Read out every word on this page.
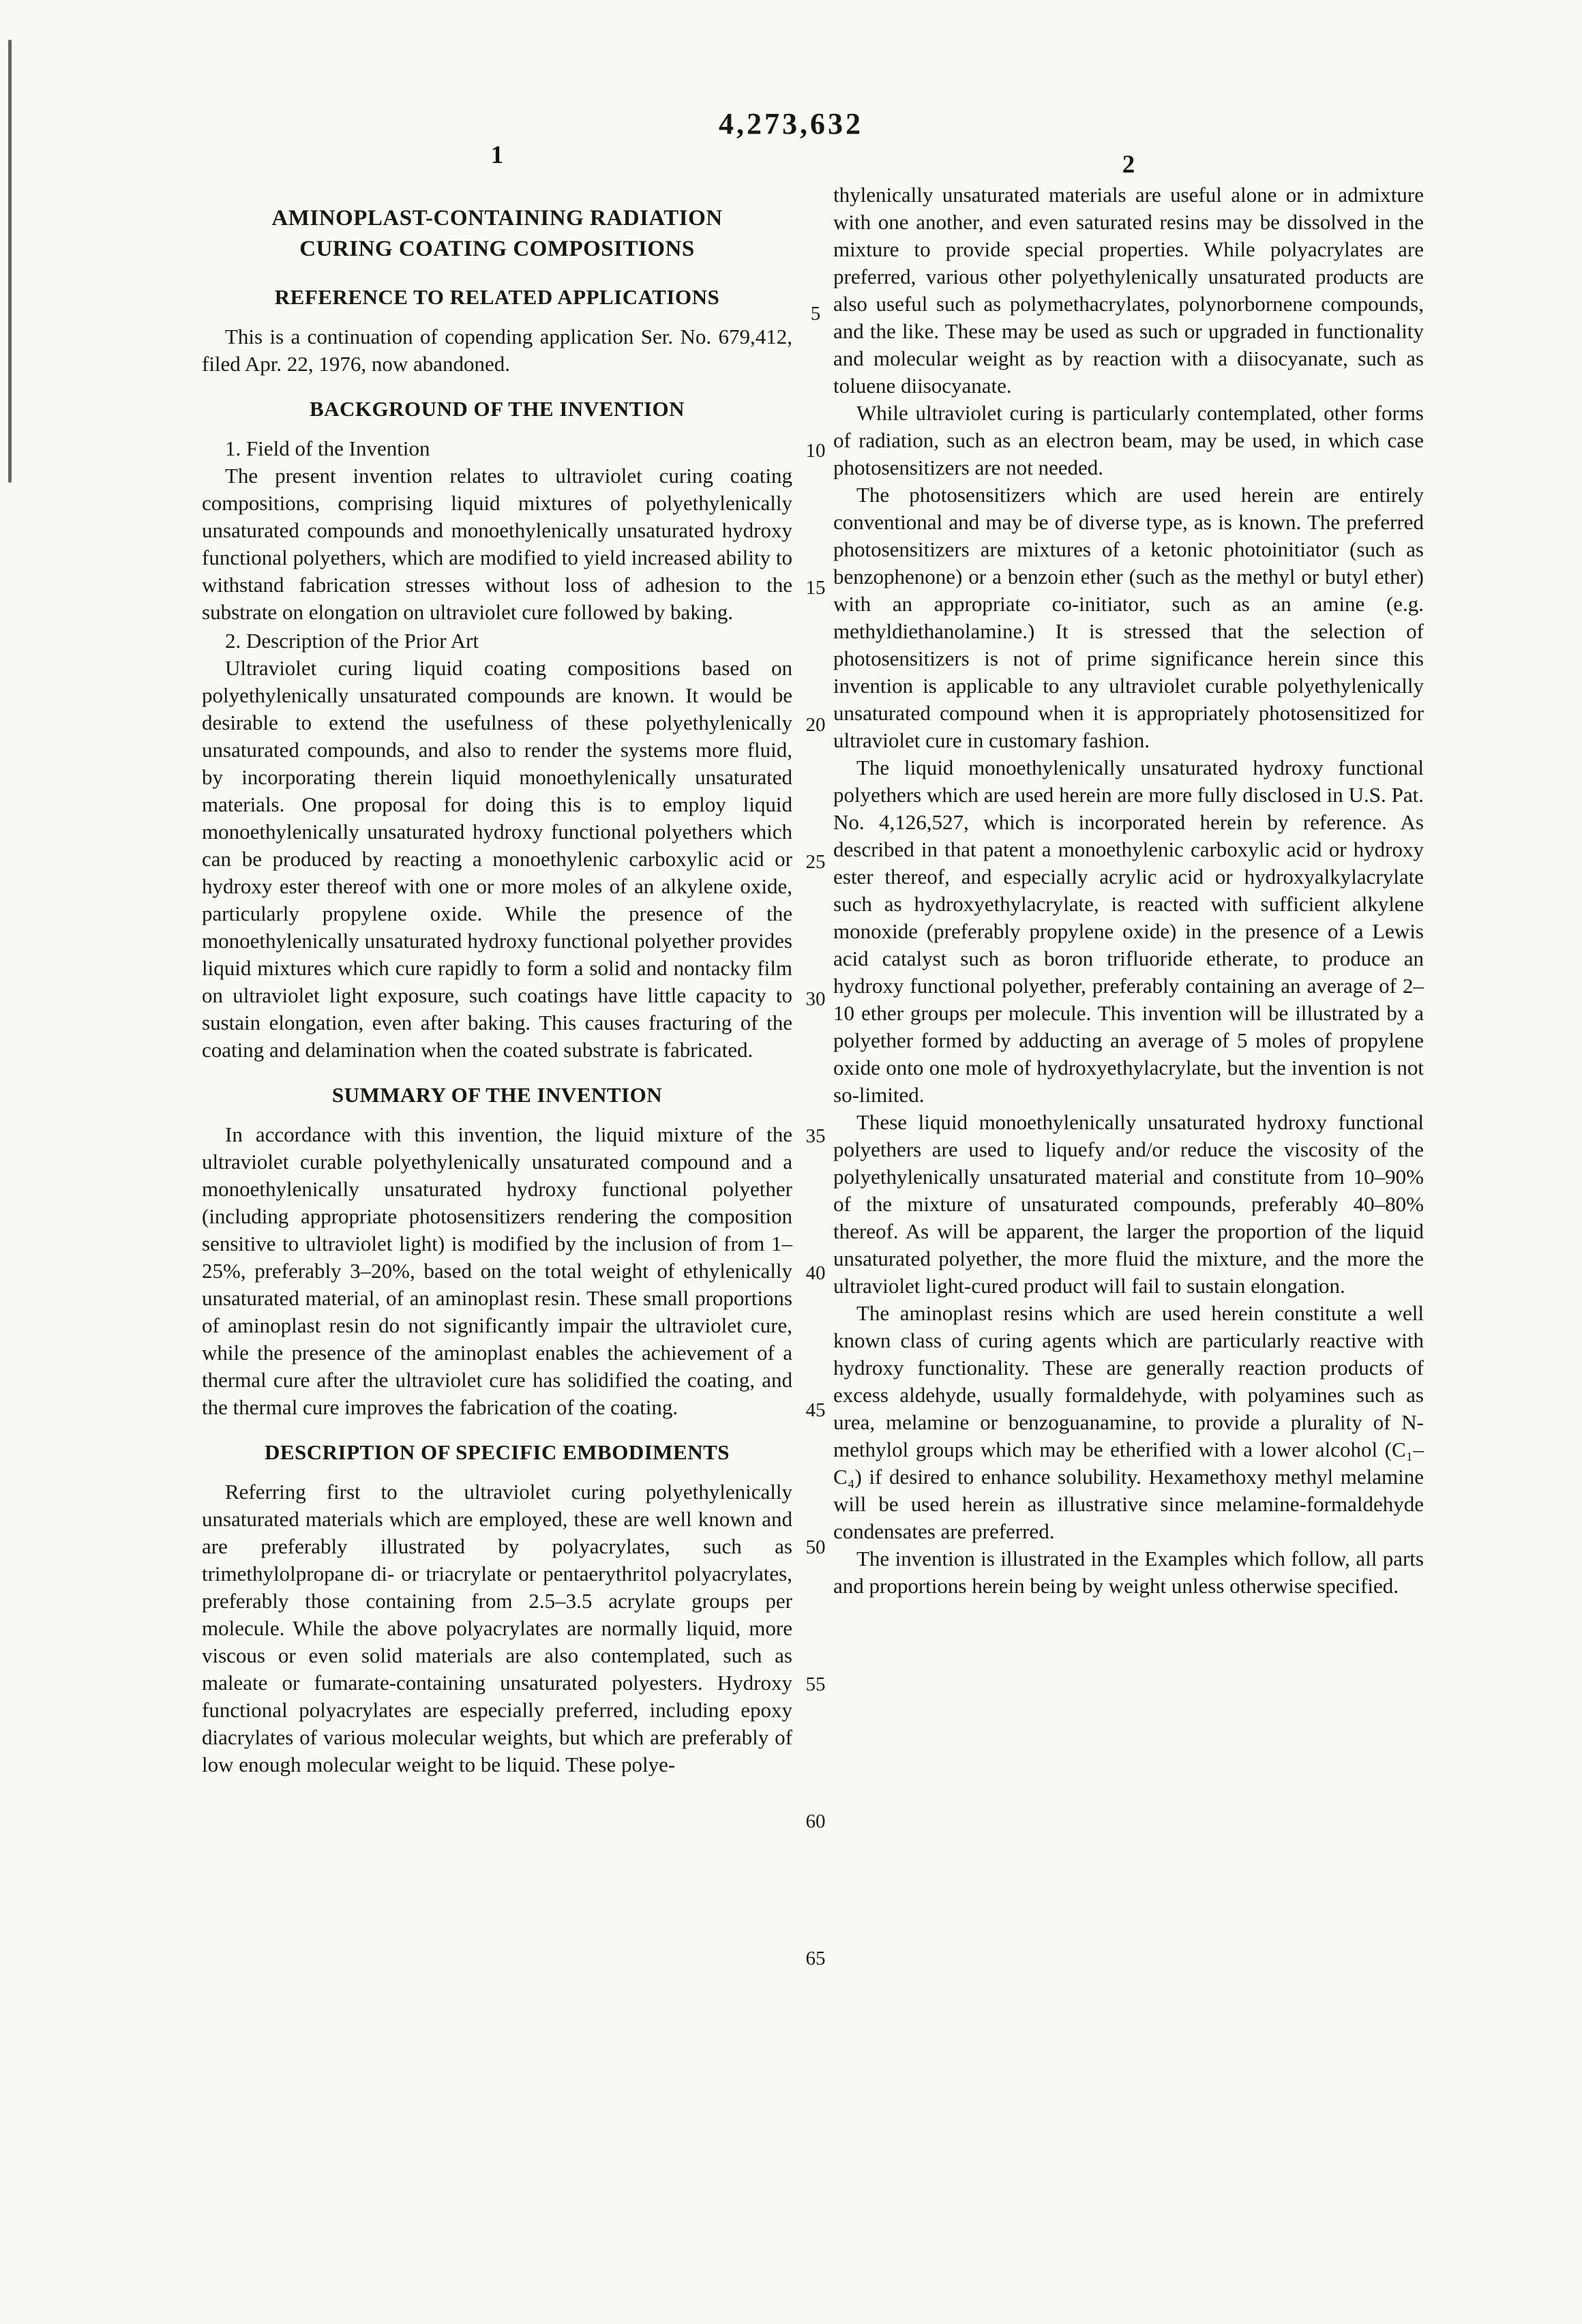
4,273,632
1	2
5
10
15
20
25
30
35
40
45
50
55
60
65
AMINOPLAST-CONTAINING RADIATION
CURING COATING COMPOSITIONS
REFERENCE TO RELATED APPLICATIONS

This is a continuation of copending application Ser. No. 679,412, filed Apr. 22, 1976, now abandoned.

BACKGROUND OF THE INVENTION

1. Field of the Invention

The present invention relates to ultraviolet curing coating compositions, comprising liquid mixtures of polyethylenically unsaturated compounds and monoethylenically unsaturated hydroxy functional polyethers, which are modified to yield increased ability to withstand fabrication stresses without loss of adhesion to the substrate on elongation on ultraviolet cure followed by baking.

2. Description of the Prior Art

Ultraviolet curing liquid coating compositions based on polyethylenically unsaturated compounds are known. It would be desirable to extend the usefulness of these polyethylenically unsaturated compounds, and also to render the systems more fluid, by incorporating therein liquid monoethylenically unsaturated materials. One proposal for doing this is to employ liquid monoethylenically unsaturated hydroxy functional polyethers which can be produced by reacting a monoethylenic carboxylic acid or hydroxy ester thereof with one or more moles of an alkylene oxide, particularly propylene oxide. While the presence of the monoethylenically unsaturated hydroxy functional polyether provides liquid mixtures which cure rapidly to form a solid and nontacky film on ultraviolet light exposure, such coatings have little capacity to sustain elongation, even after baking. This causes fracturing of the coating and delamination when the coated substrate is fabricated.

SUMMARY OF THE INVENTION

In accordance with this invention, the liquid mixture of the ultraviolet curable polyethylenically unsaturated compound and a monoethylenically unsaturated hydroxy functional polyether (including appropriate photosensitizers rendering the composition sensitive to ultraviolet light) is modified by the inclusion of from 1–25%, preferably 3–20%, based on the total weight of ethylenically unsaturated material, of an aminoplast resin. These small proportions of aminoplast resin do not significantly impair the ultraviolet cure, while the presence of the aminoplast enables the achievement of a thermal cure after the ultraviolet cure has solidified the coating, and the thermal cure improves the fabrication of the coating.

DESCRIPTION OF SPECIFIC EMBODIMENTS

Referring first to the ultraviolet curing polyethylenically unsaturated materials which are employed, these are well known and are preferably illustrated by polyacrylates, such as trimethylolpropane di- or triacrylate or pentaerythritol polyacrylates, preferably those containing from 2.5–3.5 acrylate groups per molecule. While the above polyacrylates are normally liquid, more viscous or even solid materials are also contemplated, such as maleate or fumarate-containing unsaturated polyesters. Hydroxy functional polyacrylates are especially preferred, including epoxy diacrylates of various molecular weights, but which are preferably of low enough molecular weight to be liquid. These polye-

thylenically unsaturated materials are useful alone or in admixture with one another, and even saturated resins may be dissolved in the mixture to provide special properties. While polyacrylates are preferred, various other polyethylenically unsaturated products are also useful such as polymethacrylates, polynorbornene compounds, and the like. These may be used as such or upgraded in functionality and molecular weight as by reaction with a diisocyanate, such as toluene diisocyanate.

While ultraviolet curing is particularly contemplated, other forms of radiation, such as an electron beam, may be used, in which case photosensitizers are not needed.

The photosensitizers which are used herein are entirely conventional and may be of diverse type, as is known. The preferred photosensitizers are mixtures of a ketonic photoinitiator (such as benzophenone) or a benzoin ether (such as the methyl or butyl ether) with an appropriate co-initiator, such as an amine (e.g. methyldiethanolamine.) It is stressed that the selection of photosensitizers is not of prime significance herein since this invention is applicable to any ultraviolet curable polyethylenically unsaturated compound when it is appropriately photosensitized for ultraviolet cure in customary fashion.

The liquid monoethylenically unsaturated hydroxy functional polyethers which are used herein are more fully disclosed in U.S. Pat. No. 4,126,527, which is incorporated herein by reference. As described in that patent a monoethylenic carboxylic acid or hydroxy ester thereof, and especially acrylic acid or hydroxyalkylacrylate such as hydroxyethylacrylate, is reacted with sufficient alkylene monoxide (preferably propylene oxide) in the presence of a Lewis acid catalyst such as boron trifluoride etherate, to produce an hydroxy functional polyether, preferably containing an average of 2–10 ether groups per molecule. This invention will be illustrated by a polyether formed by adducting an average of 5 moles of propylene oxide onto one mole of hydroxyethylacrylate, but the invention is not so-limited.

These liquid monoethylenically unsaturated hydroxy functional polyethers are used to liquefy and/or reduce the viscosity of the polyethylenically unsaturated material and constitute from 10–90% of the mixture of unsaturated compounds, preferably 40–80% thereof. As will be apparent, the larger the proportion of the liquid unsaturated polyether, the more fluid the mixture, and the more the ultraviolet light-cured product will fail to sustain elongation.

The aminoplast resins which are used herein constitute a well known class of curing agents which are particularly reactive with hydroxy functionality. These are generally reaction products of excess aldehyde, usually formaldehyde, with polyamines such as urea, melamine or benzoguanamine, to provide a plurality of N-methylol groups which may be etherified with a lower alcohol (C₁–C₄) if desired to enhance solubility. Hexamethoxy methyl melamine will be used herein as illustrative since melamine-formaldehyde condensates are preferred.

The invention is illustrated in the Examples which follow, all parts and proportions herein being by weight unless otherwise specified.
